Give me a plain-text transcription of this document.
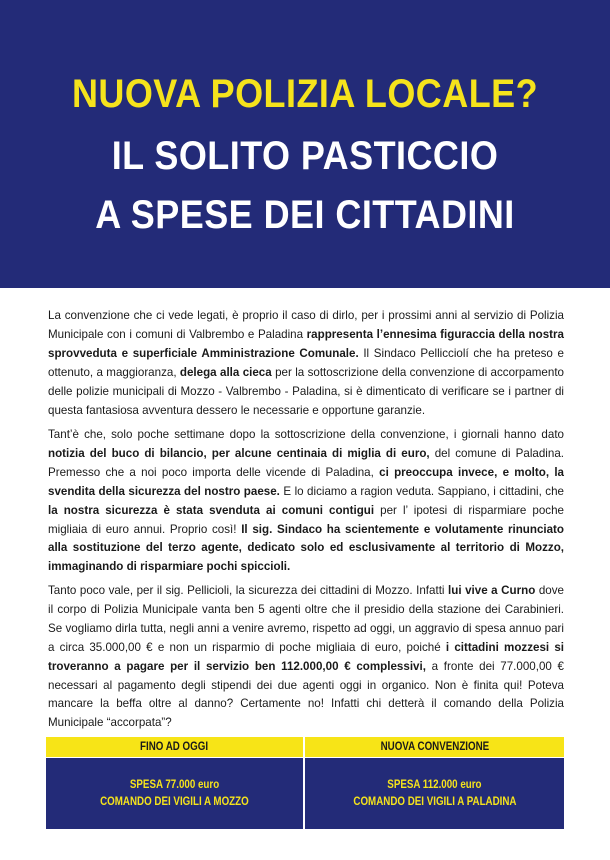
NUOVA POLIZIA LOCALE?
IL SOLITO PASTICCIO
A SPESE DEI CITTADINI

La convenzione che ci vede legati, è proprio il caso di dirlo, per i prossimi anni al servizio di Polizia Municipale con i comuni di Valbrembo e Paladina rappresenta l’ennesima figuraccia della nostra sprovveduta e superficiale Amministrazione Comunale. Il Sindaco Pellicciolí che ha preteso e ottenuto, a maggioranza, delega alla cieca per la sottoscrizione della convenzione di accorpamento delle polizie municipali di Mozzo - Valbrembo - Paladina, si è dimenticato di verificare se i partner di questa fantasiosa avventura dessero le necessarie e opportune garanzie.

Tant’è che, solo poche settimane dopo la sottoscrizione della convenzione, i giornali hanno dato notizia del buco di bilancio, per alcune centinaia di miglia di euro, del comune di Paladina. Premesso che a noi poco importa delle vicende di Paladina, ci preoccupa invece, e molto, la svendita della sicurezza del nostro paese. E lo diciamo a ragion veduta. Sappiano, i cittadini, che la nostra sicurezza è stata svenduta ai comuni contigui per l’ ipotesi di risparmiare poche migliaia di euro annui. Proprio così! Il sig. Sindaco ha scientemente e volutamente rinunciato alla sostituzione del terzo agente, dedicato solo ed esclusivamente al territorio di Mozzo, immaginando di risparmiare pochi spiccioli.

Tanto poco vale, per il sig. Pellicioli, la sicurezza dei cittadini di Mozzo. Infatti lui vive a Curno dove il corpo di Polizia Municipale vanta ben 5 agenti oltre che il presidio della stazione dei Carabinieri. Se vogliamo dirla tutta, negli anni a venire avremo, rispetto ad oggi, un aggravio di spesa annuo pari a circa 35.000,00 € e non un risparmio di poche migliaia di euro, poiché i cittadini mozzesi si troveranno a pagare per il servizio ben 112.000,00 € complessivi, a fronte dei 77.000,00 € necessari al pagamento degli stipendi dei due agenti oggi in organico. Non è finita qui! Poteva mancare la beffa oltre al danno? Certamente no! Infatti chi detterà il comando della Polizia Municipale “accorpata”?

FINO AD OGGI	NUOVA CONVENZIONE
SPESA 77.000 euro
COMANDO DEI VIGILI A MOZZO
SPESA 112.000 euro
COMANDO DEI VIGILI A PALADINA
